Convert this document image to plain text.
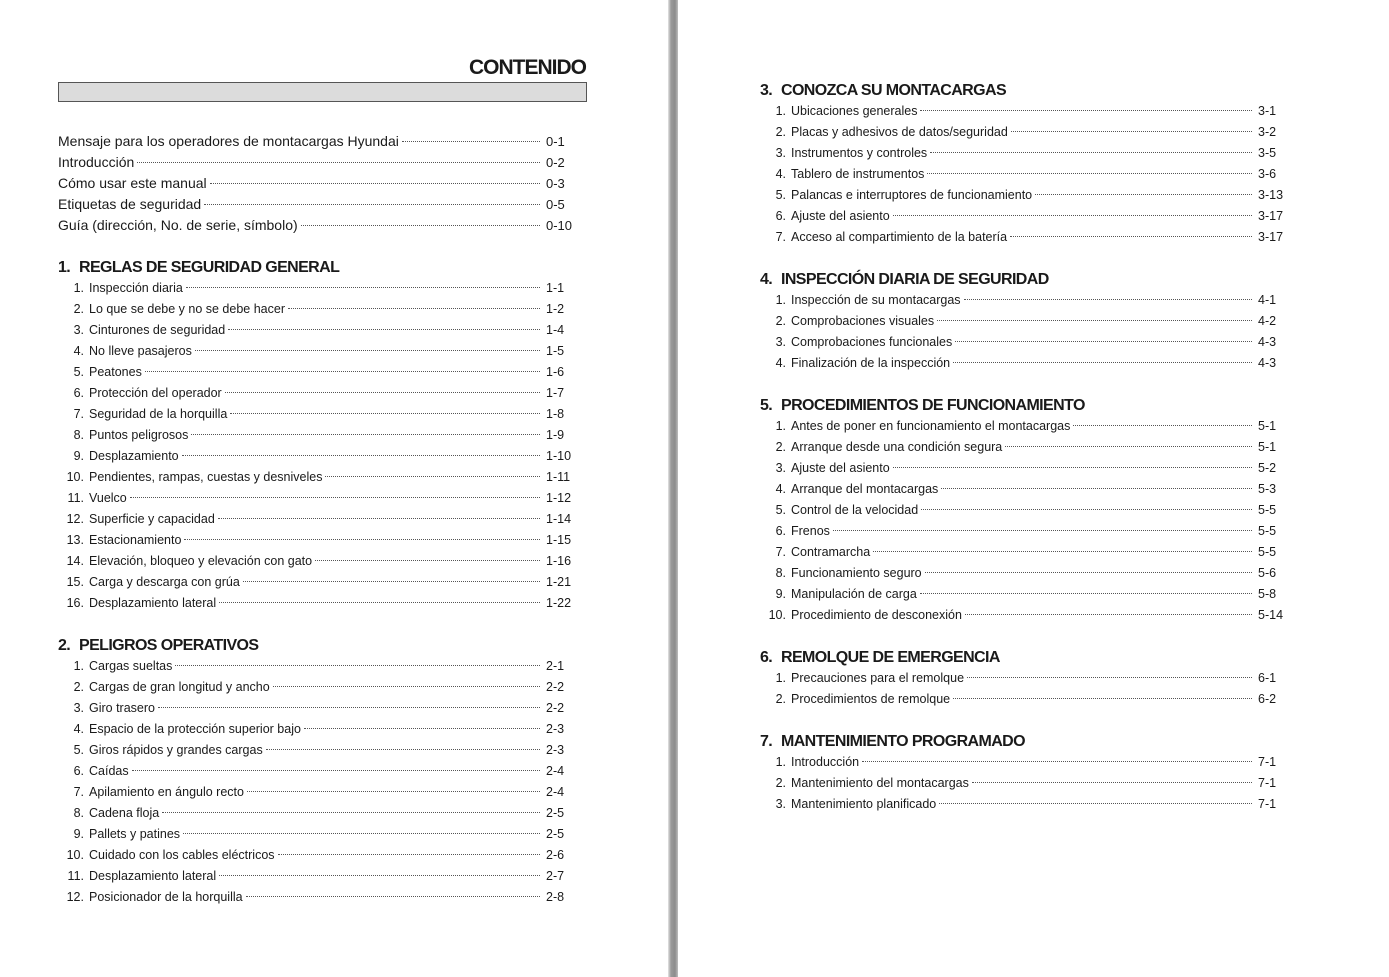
CONTENIDO
Mensaje para los operadores de montacargas Hyundai	0-1
Introducción	0-2
Cómo usar este manual	0-3
Etiquetas de seguridad	0-5
Guía (dirección, No. de serie, símbolo)	0-10
1. REGLAS DE SEGURIDAD GENERAL
1. Inspección diaria	1-1
2. Lo que se debe y no se debe hacer	1-2
3. Cinturones de seguridad	1-4
4. No lleve pasajeros	1-5
5. Peatones	1-6
6. Protección del operador	1-7
7. Seguridad de la horquilla	1-8
8. Puntos peligrosos	1-9
9. Desplazamiento	1-10
10. Pendientes, rampas, cuestas y desniveles	1-11
11. Vuelco	1-12
12. Superficie y capacidad	1-14
13. Estacionamiento	1-15
14. Elevación, bloqueo y elevación con gato	1-16
15. Carga y descarga con grúa	1-21
16. Desplazamiento lateral	1-22
2. PELIGROS OPERATIVOS
1. Cargas sueltas	2-1
2. Cargas de gran longitud y ancho	2-2
3. Giro trasero	2-2
4. Espacio de la protección superior bajo	2-3
5. Giros rápidos y grandes cargas	2-3
6. Caídas	2-4
7. Apilamiento en ángulo recto	2-4
8. Cadena floja	2-5
9. Pallets y patines	2-5
10. Cuidado con los cables eléctricos	2-6
11. Desplazamiento lateral	2-7
12. Posicionador de la horquilla	2-8
3. CONOZCA SU MONTACARGAS
1. Ubicaciones generales	3-1
2. Placas y adhesivos de datos/seguridad	3-2
3. Instrumentos y controles	3-5
4. Tablero de instrumentos	3-6
5. Palancas e interruptores de funcionamiento	3-13
6. Ajuste del asiento	3-17
7. Acceso al compartimiento de la batería	3-17
4. INSPECCIÓN DIARIA DE SEGURIDAD
1. Inspección de su montacargas	4-1
2. Comprobaciones visuales	4-2
3. Comprobaciones funcionales	4-3
4. Finalización de la inspección	4-3
5. PROCEDIMIENTOS DE FUNCIONAMIENTO
1. Antes de poner en funcionamiento el montacargas	5-1
2. Arranque desde una condición segura	5-1
3. Ajuste del asiento	5-2
4. Arranque del montacargas	5-3
5. Control de la velocidad	5-5
6. Frenos	5-5
7. Contramarcha	5-5
8. Funcionamiento seguro	5-6
9. Manipulación de carga	5-8
10. Procedimiento de desconexión	5-14
6. REMOLQUE DE EMERGENCIA
1. Precauciones para el remolque	6-1
2. Procedimientos de remolque	6-2
7. MANTENIMIENTO PROGRAMADO
1. Introducción	7-1
2. Mantenimiento del montacargas	7-1
3. Mantenimiento planificado	7-1
